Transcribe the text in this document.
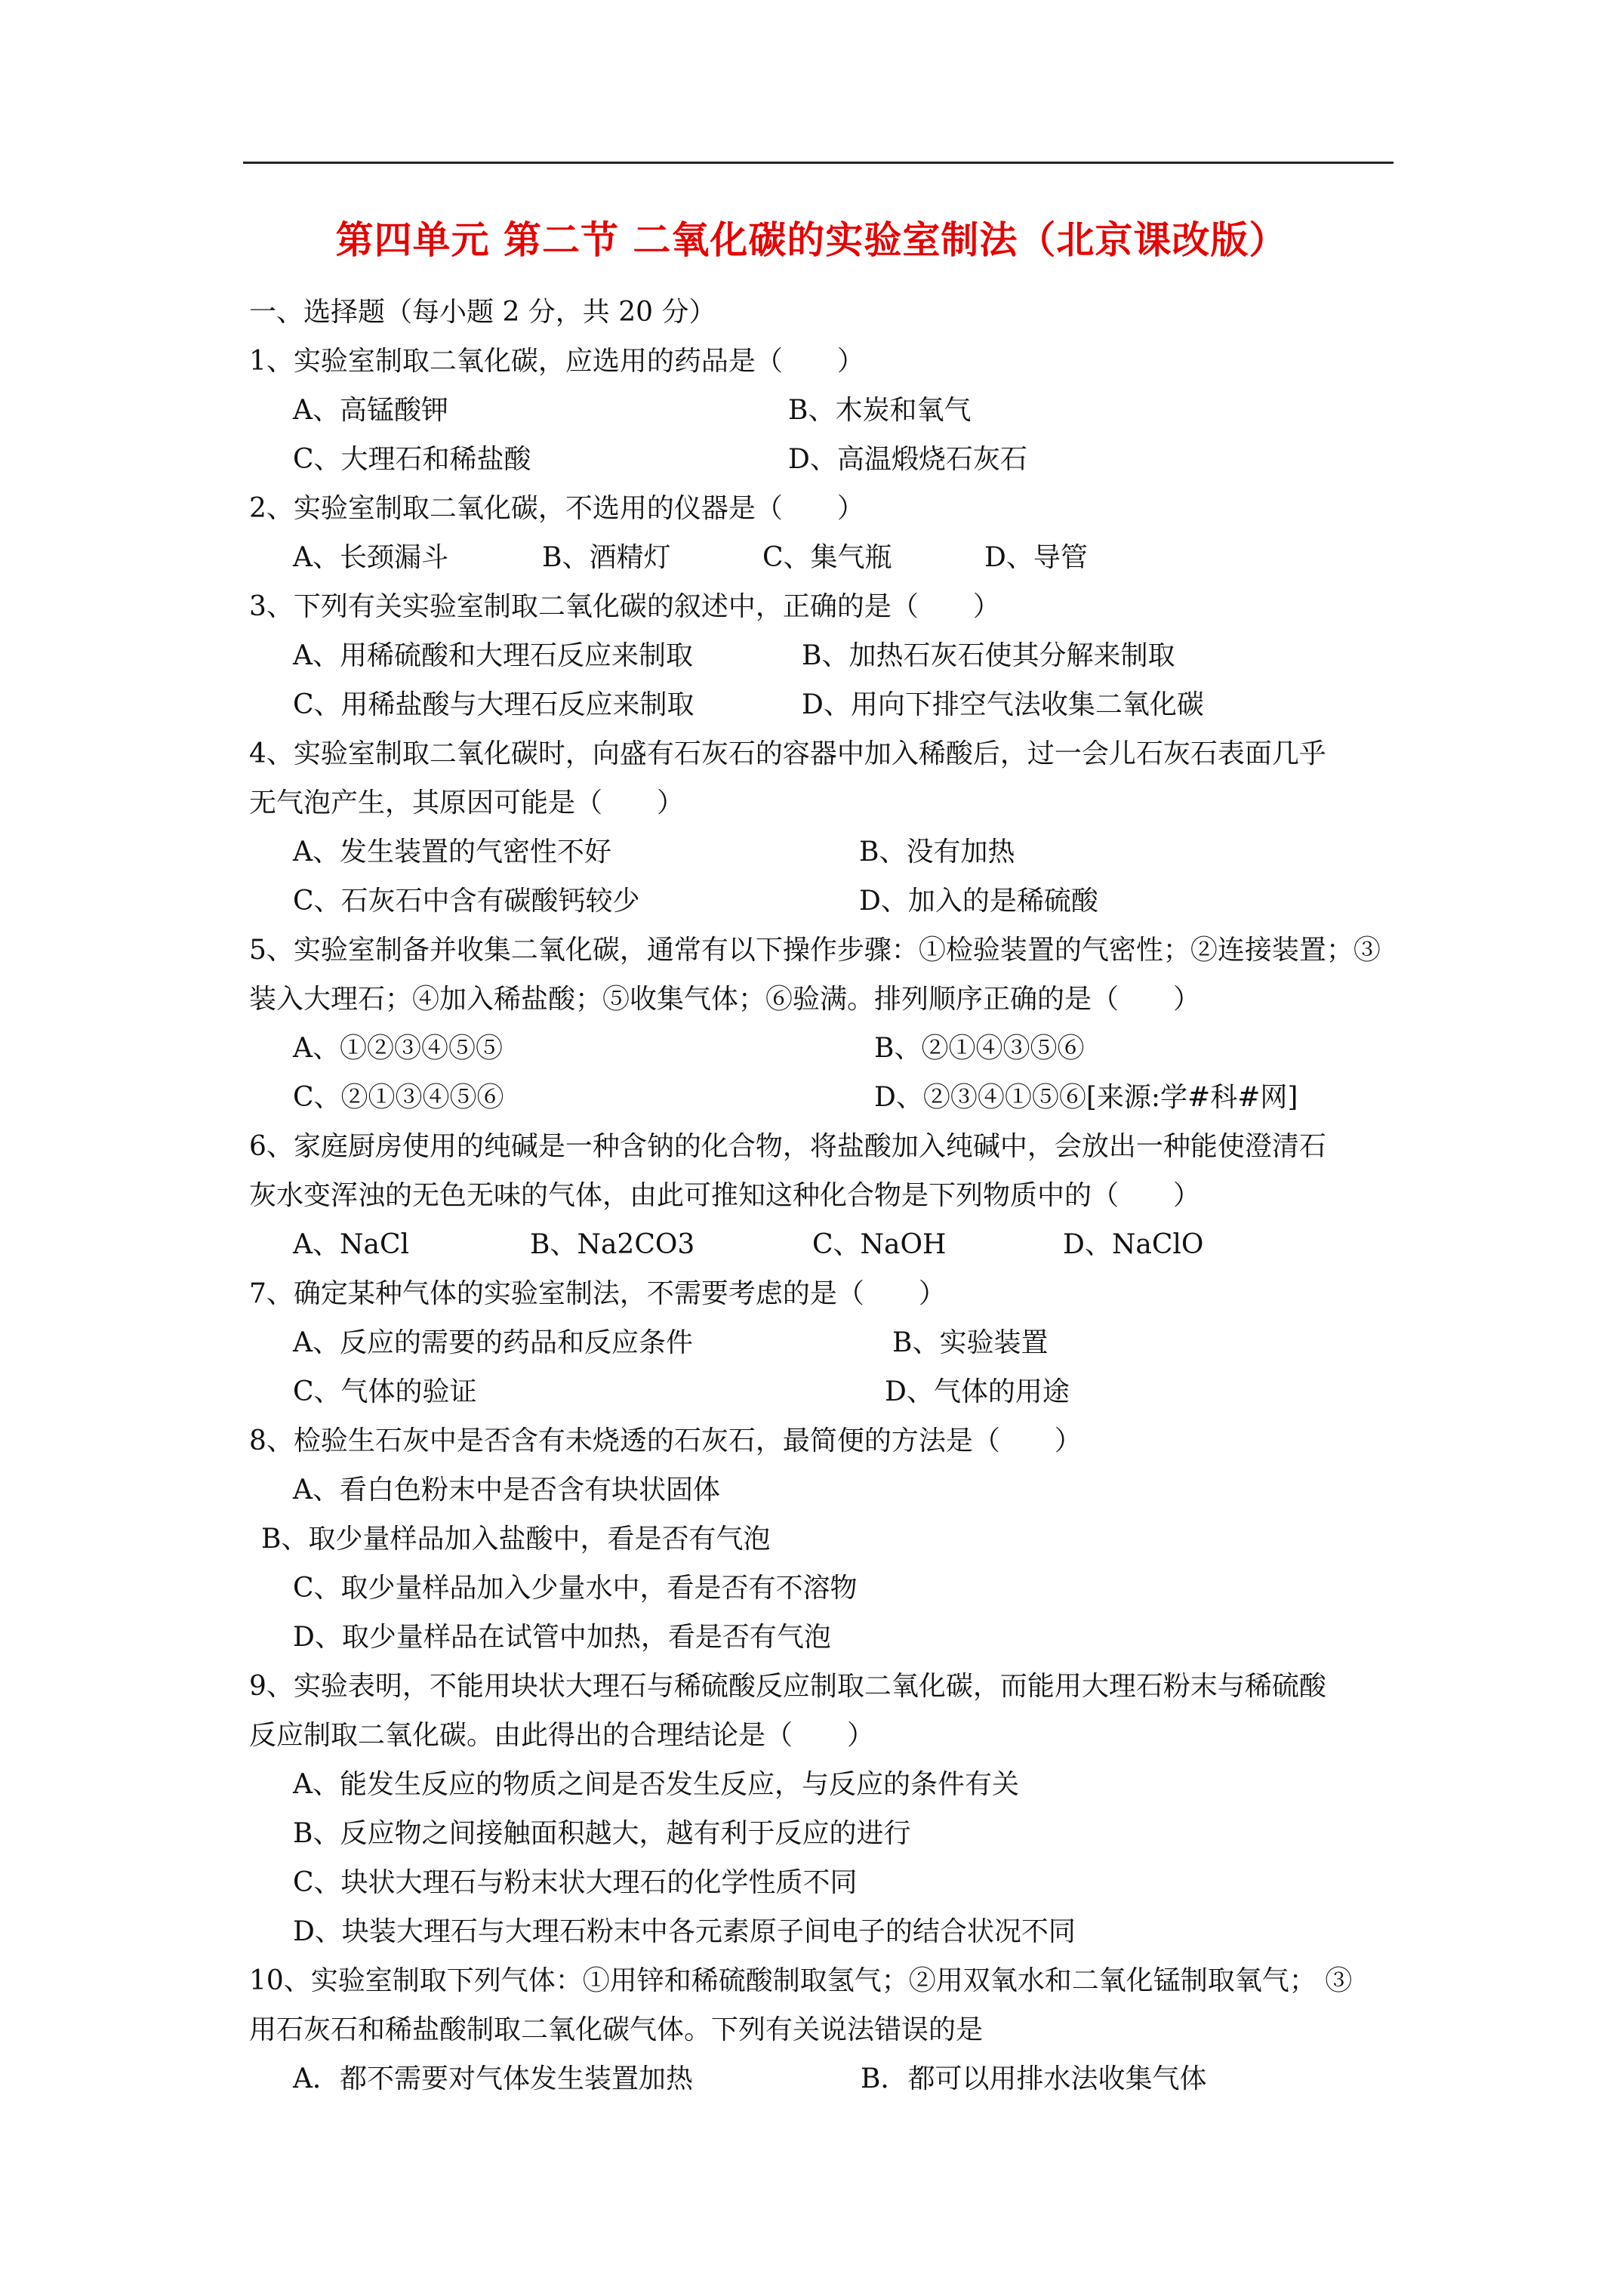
第四单元 第二节 二氧化碳的实验室制法（北京课改版）
一、选择题（每小题 2 分，共 20 分）
1、实验室制取二氧化碳，应选用的药品是（　　）
A、高锰酸钾	B、木炭和氧气
C、大理石和稀盐酸	D、高温煅烧石灰石
2、实验室制取二氧化碳，不选用的仪器是（　　）
A、长颈漏斗	B、酒精灯	C、集气瓶	D、导管
3、下列有关实验室制取二氧化碳的叙述中，正确的是（　　）
A、用稀硫酸和大理石反应来制取	B、加热石灰石使其分解来制取
C、用稀盐酸与大理石反应来制取	D、用向下排空气法收集二氧化碳
4、实验室制取二氧化碳时，向盛有石灰石的容器中加入稀酸后，过一会儿石灰石表面几乎
无气泡产生，其原因可能是（　　）
A、发生装置的气密性不好	B、没有加热
C、石灰石中含有碳酸钙较少	D、加入的是稀硫酸
5、实验室制备并收集二氧化碳，通常有以下操作步骤：①检验装置的气密性；②连接装置；③
装入大理石；④加入稀盐酸；⑤收集气体；⑥验满。排列顺序正确的是（　　）
A、①②③④⑤⑤	B、②①④③⑤⑥
C、②①③④⑤⑥	D、②③④①⑤⑥[来源:学#科#网]
6、家庭厨房使用的纯碱是一种含钠的化合物，将盐酸加入纯碱中，会放出一种能使澄清石
灰水变浑浊的无色无味的气体，由此可推知这种化合物是下列物质中的（　　）
A、NaCl	B、Na2CO3	C、NaOH	D、NaClO
7、确定某种气体的实验室制法，不需要考虑的是（　　）
A、反应的需要的药品和反应条件	B、实验装置
C、气体的验证	D、气体的用途
8、检验生石灰中是否含有未烧透的石灰石，最简便的方法是（　　）
A、看白色粉末中是否含有块状固体
B、取少量样品加入盐酸中，看是否有气泡
C、取少量样品加入少量水中，看是否有不溶物
D、取少量样品在试管中加热，看是否有气泡
9、实验表明，不能用块状大理石与稀硫酸反应制取二氧化碳，而能用大理石粉末与稀硫酸
反应制取二氧化碳。由此得出的合理结论是（　　）
A、能发生反应的物质之间是否发生反应，与反应的条件有关
B、反应物之间接触面积越大，越有利于反应的进行
C、块状大理石与粉末状大理石的化学性质不同
D、块装大理石与大理石粉末中各元素原子间电子的结合状况不同
10、实验室制取下列气体：①用锌和稀硫酸制取氢气；②用双氧水和二氧化锰制取氧气； ③
用石灰石和稀盐酸制取二氧化碳气体。下列有关说法错误的是
A．都不需要对气体发生装置加热	B．都可以用排水法收集气体
